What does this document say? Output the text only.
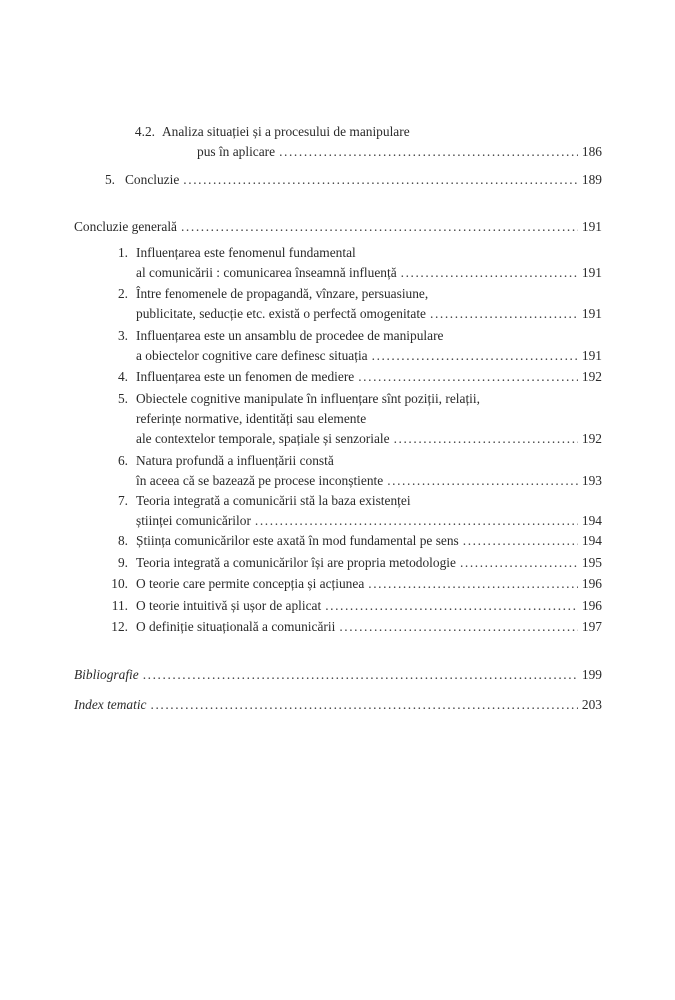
4.2. Analiza situației și a procesului de manipulare
pus în aplicare .....	186
5. Concluzie .....	189
Concluzie generală .....	191
1. Influențarea este fenomenul fundamental
al comunicării : comunicarea înseamnă influență .....	191
2. Între fenomenele de propagandă, vînzare, persuasiune,
publicitate, seducție etc. există o perfectă omogenitate .....	191
3. Influențarea este un ansamblu de procedee de manipulare
a obiectelor cognitive care definesc situația .....	191
4. Influențarea este un fenomen de mediere .....	192
5. Obiectele cognitive manipulate în influențare sînt poziții, relații,
referințe normative, identități sau elemente
ale contextelor temporale, spațiale și senzoriale .....	192
6. Natura profundă a influențării constă
în aceea că se bazează pe procese inconștiente .....	193
7. Teoria integrată a comunicării stă la baza existenței
științei comunicărilor .....	194
8. Știința comunicărilor este axată în mod fundamental pe sens .....	194
9. Teoria integrată a comunicărilor își are propria metodologie .....	195
10. O teorie care permite concepția și acțiunea .....	196
11. O teorie intuitivă și ușor de aplicat .....	196
12. O definiție situațională a comunicării .....	197
Bibliografie .....	199
Index tematic .....	203
